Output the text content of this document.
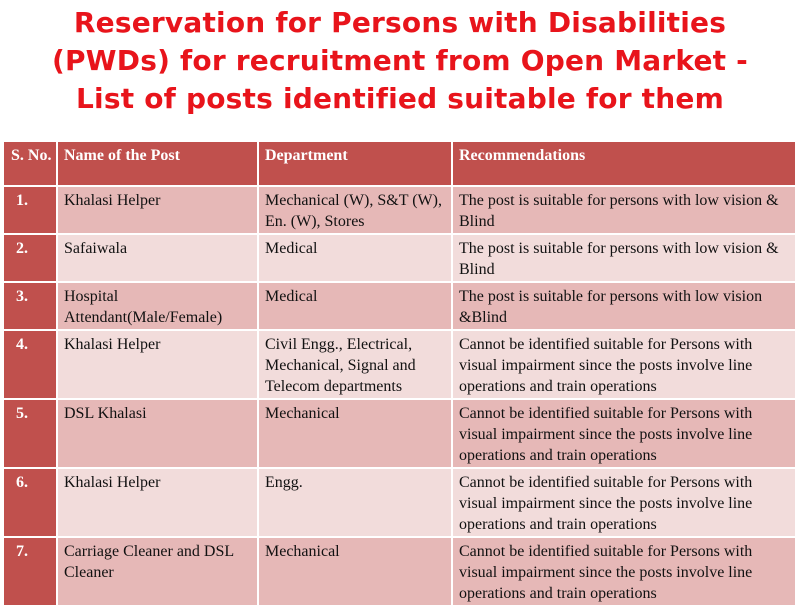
Reservation for Persons with Disabilities
(PWDs) for recruitment from Open Market -
List of posts identified suitable for them
S. No.	Name of the Post	Department	Recommendations
1.	Khalasi Helper	Mechanical (W), S&T (W), En. (W), Stores	The post is suitable for persons with low vision & Blind
2.	Safaiwala	Medical	The post is suitable for persons with low vision & Blind
3.	Hospital Attendant(Male/Female)	Medical	The post is suitable for persons with low vision &Blind
4.	Khalasi Helper	Civil Engg., Electrical, Mechanical, Signal and Telecom departments	Cannot be identified suitable for Persons with visual impairment since the posts involve line operations and train operations
5.	DSL Khalasi	Mechanical	Cannot be identified suitable for Persons with visual impairment since the posts involve line operations and train operations
6.	Khalasi Helper	Engg.	Cannot be identified suitable for Persons with visual impairment since the posts involve line operations and train operations
7.	Carriage Cleaner and DSL Cleaner	Mechanical	Cannot be identified suitable for Persons with visual impairment since the posts involve line operations and train operations
